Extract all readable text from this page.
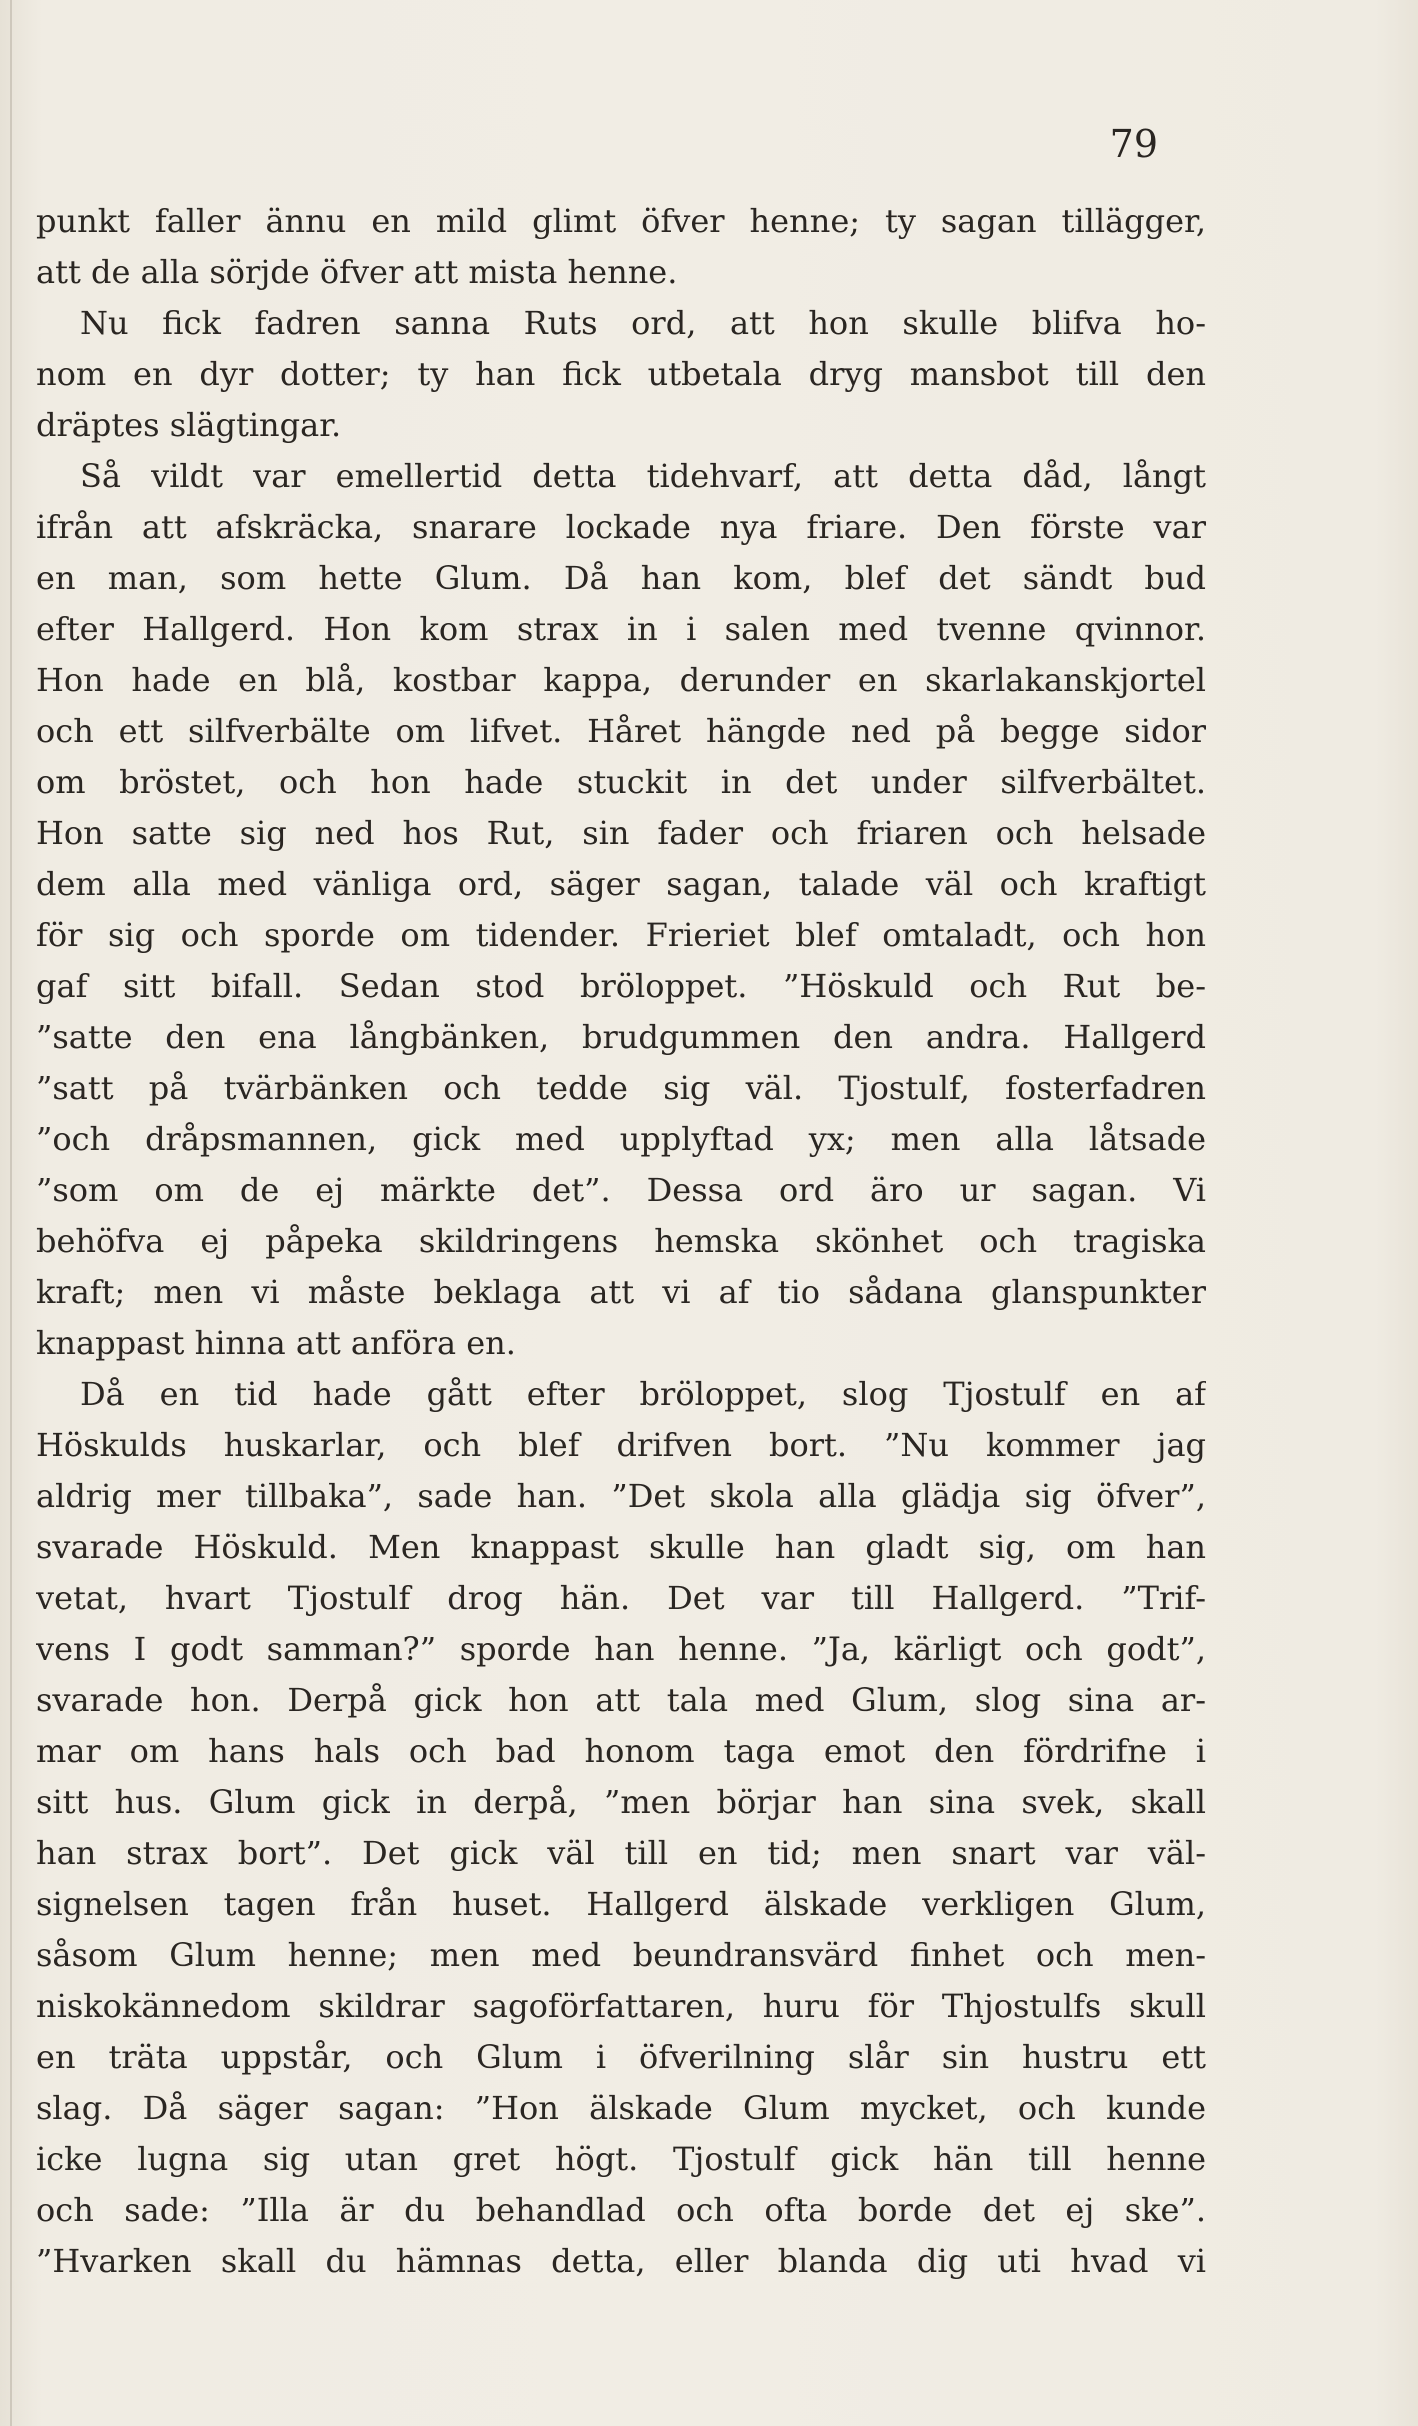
79
punkt faller ännu en mild glimt öfver henne; ty sagan tillägger,
att de alla sörjde öfver att mista henne.
Nu fick fadren sanna Ruts ord, att hon skulle blifva ho-
nom en dyr dotter; ty han fick utbetala dryg mansbot till den
dräptes slägtingar.
Så vildt var emellertid detta tidehvarf, att detta dåd, långt
ifrån att afskräcka, snarare lockade nya friare. Den förste var
en man, som hette Glum. Då han kom, blef det sändt bud
efter Hallgerd. Hon kom strax in i salen med tvenne qvinnor.
Hon hade en blå, kostbar kappa, derunder en skarlakanskjortel
och ett silfverbälte om lifvet. Håret hängde ned på begge sidor
om bröstet, och hon hade stuckit in det under silfverbältet.
Hon satte sig ned hos Rut, sin fader och friaren och helsade
dem alla med vänliga ord, säger sagan, talade väl och kraftigt
för sig och sporde om tidender. Frieriet blef omtaladt, och hon
gaf sitt bifall. Sedan stod bröloppet. ”Höskuld och Rut be-
”satte den ena långbänken, brudgummen den andra. Hallgerd
”satt på tvärbänken och tedde sig väl. Tjostulf, fosterfadren
”och dråpsmannen, gick med upplyftad yx; men alla låtsade
”som om de ej märkte det”. Dessa ord äro ur sagan. Vi
behöfva ej påpeka skildringens hemska skönhet och tragiska
kraft; men vi måste beklaga att vi af tio sådana glanspunkter
knappast hinna att anföra en.
Då en tid hade gått efter bröloppet, slog Tjostulf en af
Höskulds huskarlar, och blef drifven bort. ”Nu kommer jag
aldrig mer tillbaka”, sade han. ”Det skola alla glädja sig öfver”,
svarade Höskuld. Men knappast skulle han gladt sig, om han
vetat, hvart Tjostulf drog hän. Det var till Hallgerd. ”Trif-
vens I godt samman?” sporde han henne. ”Ja, kärligt och godt”,
svarade hon. Derpå gick hon att tala med Glum, slog sina ar-
mar om hans hals och bad honom taga emot den fördrifne i
sitt hus. Glum gick in derpå, ”men börjar han sina svek, skall
han strax bort”. Det gick väl till en tid; men snart var väl-
signelsen tagen från huset. Hallgerd älskade verkligen Glum,
såsom Glum henne; men med beundransvärd finhet och men-
niskokännedom skildrar sagoförfattaren, huru för Thjostulfs skull
en träta uppstår, och Glum i öfverilning slår sin hustru ett
slag. Då säger sagan: ”Hon älskade Glum mycket, och kunde
icke lugna sig utan gret högt. Tjostulf gick hän till henne
och sade: ”Illa är du behandlad och ofta borde det ej ske”.
”Hvarken skall du hämnas detta, eller blanda dig uti hvad vi
